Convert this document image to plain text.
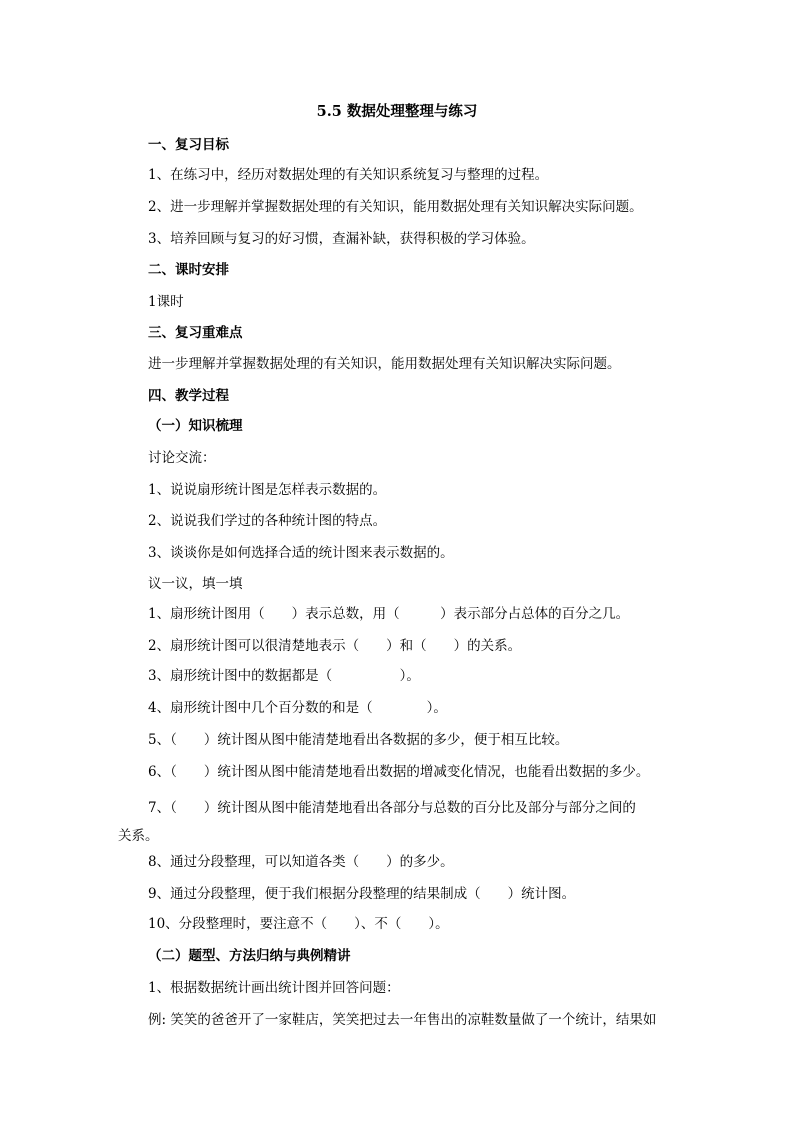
5.5 数据处理整理与练习

一、复习目标

1、在练习中，经历对数据处理的有关知识系统复习与整理的过程。

2、进一步理解并掌握数据处理的有关知识，能用数据处理有关知识解决实际问题。

3、培养回顾与复习的好习惯，查漏补缺，获得积极的学习体验。

二、课时安排

1课时

三、复习重难点

进一步理解并掌握数据处理的有关知识，能用数据处理有关知识解决实际问题。

四、教学过程

（一）知识梳理

讨论交流：

1、说说扇形统计图是怎样表示数据的。

2、说说我们学过的各种统计图的特点。

3、谈谈你是如何选择合适的统计图来表示数据的。

议一议，填一填

1、扇形统计图用（　　）表示总数，用（　　　）表示部分占总体的百分之几。

2、扇形统计图可以很清楚地表示（　　）和（　　）的关系。

3、扇形统计图中的数据都是（　　　　　）。

4、扇形统计图中几个百分数的和是（　　　　）。

5、（　　）统计图从图中能清楚地看出各数据的多少，便于相互比较。

6、（　　）统计图从图中能清楚地看出数据的增减变化情况，也能看出数据的多少。

7、（　　）统计图从图中能清楚地看出各部分与总数的百分比及部分与部分之间的关系。

8、通过分段整理，可以知道各类（　　）的多少。

9、通过分段整理，便于我们根据分段整理的结果制成（　　）统计图。

10、分段整理时，要注意不（　　）、不（　　）。

（二）题型、方法归纳与典例精讲

1、根据数据统计画出统计图并回答问题：

例: 笑笑的爸爸开了一家鞋店，笑笑把过去一年售出的凉鞋数量做了一个统计，结果如
